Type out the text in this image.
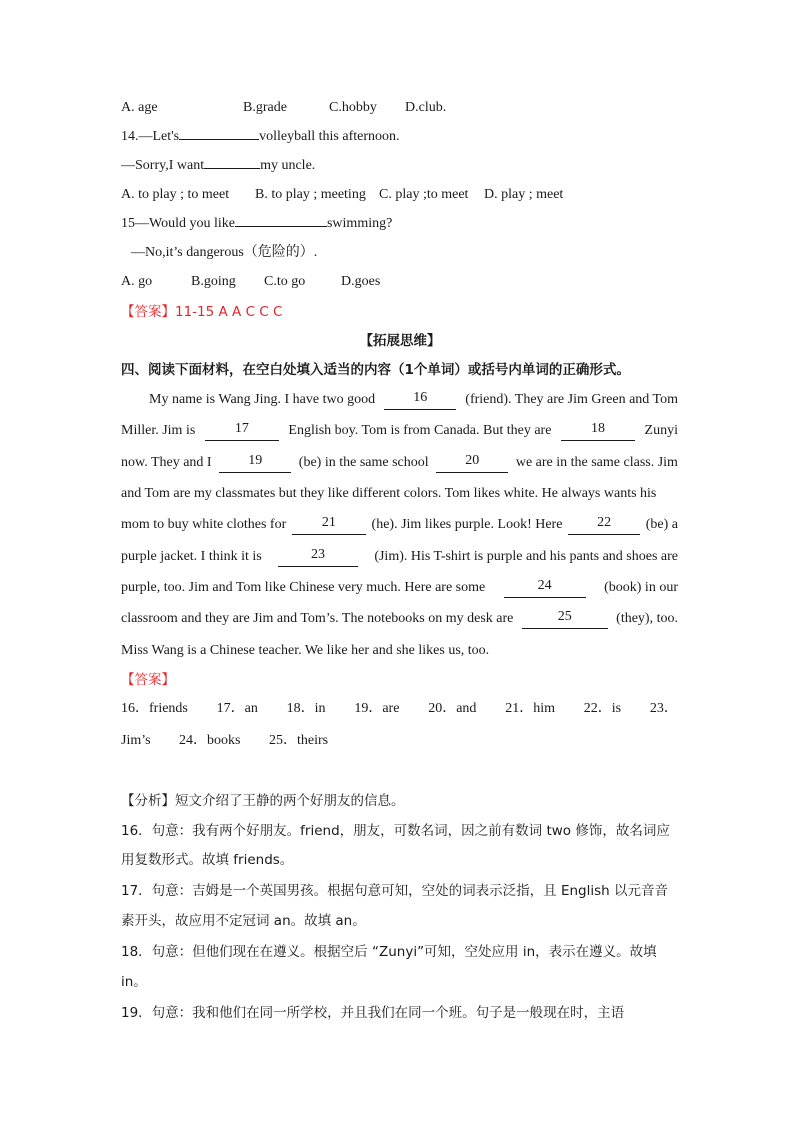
A. age	B.grade	C.hobby D.club.
14.—Let's	volleyball this afternoon.
—Sorry,I want	my uncle.
A. to play ; to meet B. to play ; meeting C. play ;to meet D. play ; meet
15—Would you like	swimming?
—No,it’s dangerous（危险的）.
A. go	B.going C.to go	D.goes
【答案】11-15 A A C C C
【拓展思维】
四、阅读下面材料，在空白处填入适当的内容（1个单词）或括号内单词的正确形式。
My name is Wang Jing. I have two good	16	(friend). They are Jim Green and Tom
Miller. Jim is	17	English boy. Tom is from Canada. But they are	18	Zunyi
now. They and I	19	(be) in the same school	20	we are in the same class. Jim
and Tom are my classmates but they like different colors. Tom likes white. He always wants his
mom to buy white clothes for	21	(he). Jim likes purple. Look! Here	22	(be) a
purple jacket. I think it is	23	(Jim). His T-shirt is purple and his pants and shoes are
purple, too. Jim and Tom like Chinese very much. Here are some	24	(book) in our
classroom and they are Jim and Tom’s. The notebooks on my desk are	25	(they), too.
Miss Wang is a Chinese teacher. We like her and she likes us, too.
【答案】
16．friends 17．an 18．in 19．are 20．and 21．him 22．is 23．
Jim’s 24．books 25．theirs
【分析】短文介绍了王静的两个好朋友的信息。
16．句意：我有两个好朋友。friend，朋友，可数名词，因之前有数词 two 修饰，故名词应
用复数形式。故填 friends。
17．句意：吉姆是一个英国男孩。根据句意可知，空处的词表示泛指，且 English 以元音音
素开头，故应用不定冠词 an。故填 an。
18．句意：但他们现在在遵义。根据空后 “Zunyi”可知，空处应用 in，表示在遵义。故填
in。
19．句意：我和他们在同一所学校，并且我们在同一个班。句子是一般现在时，主语
